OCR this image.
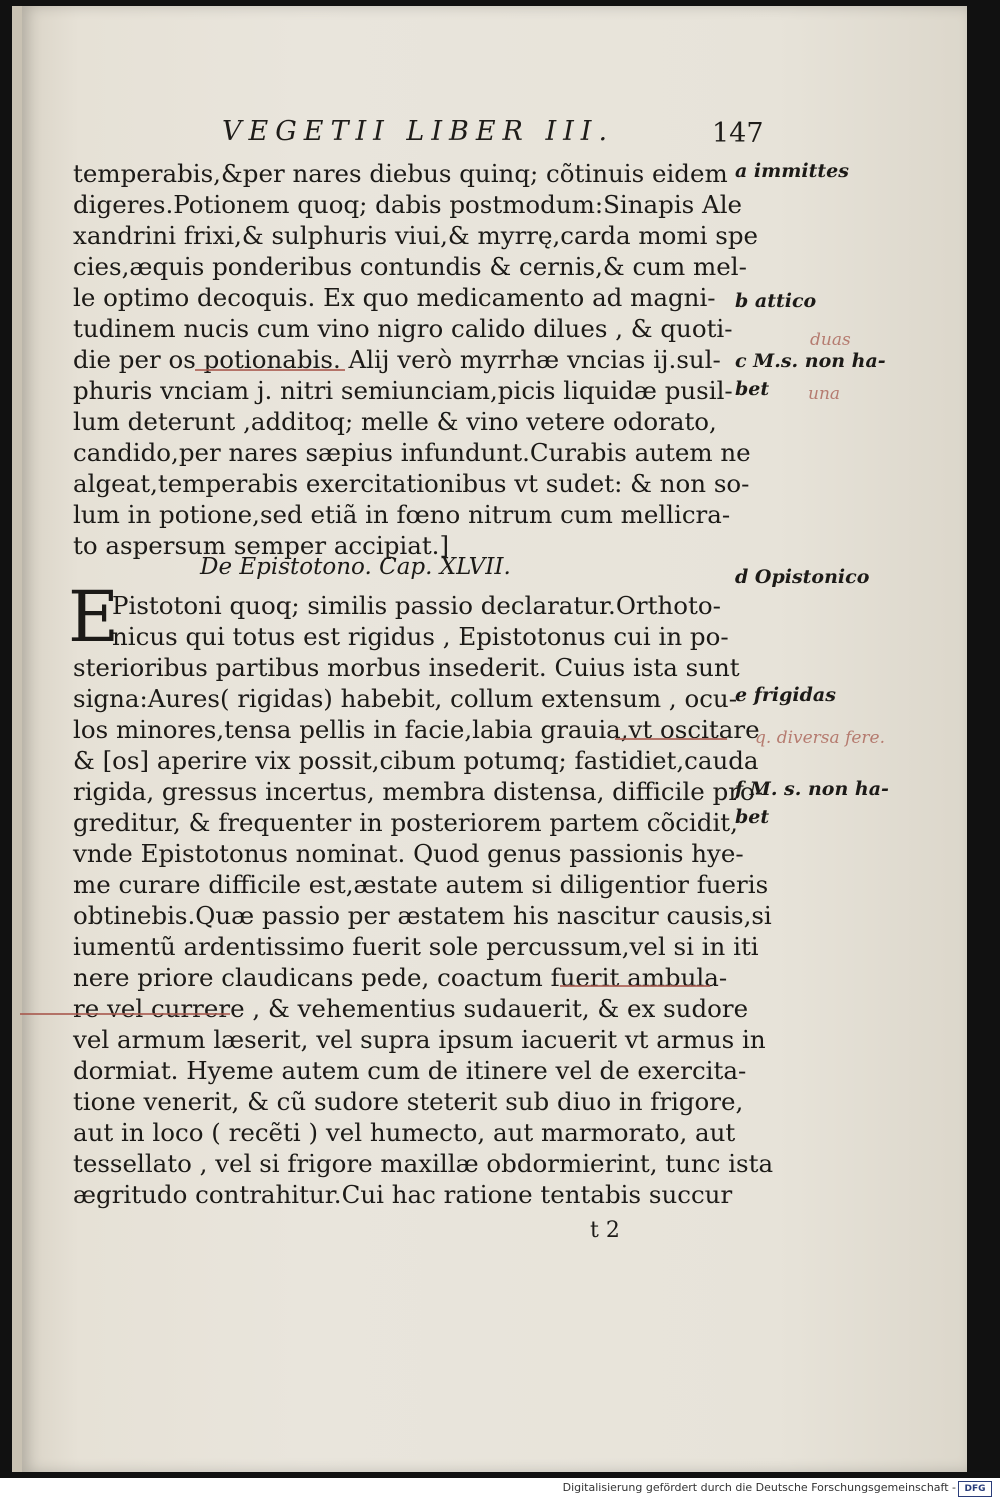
VEGETII LIBER III.	147
temperabis,&per nares diebus quinq; cõtinuis eidem
digeres.Potionem quoq; dabis postmodum:Sinapis Ale
xandrini frixi,& sulphuris viui,& myrrę,carda momi spe
cies,æquis ponderibus contundis & cernis,& cum mel-
le optimo decoquis. Ex quo medicamento ad magni-
tudinem nucis cum vino nigro calido dilues , & quoti-
die per os potionabis. Alij verò myrrhæ vncias ij.sul-
phuris vnciam j. nitri semiunciam,picis liquidæ pusil-
lum deterunt ,additoq; melle & vino vetere odorato,
candido,per nares sæpius infundunt.Curabis autem ne
algeat,temperabis exercitationibus vt sudet: & non so-
lum in potione,sed etiã in fœno nitrum cum mellicra-
to aspersum semper accipiat.]
De Epistotono. Cap. XLVII.
E
Pistotoni quoq; similis passio declaratur.Orthoto-
nicus qui totus est rigidus , Epistotonus cui in po-
sterioribus partibus morbus insederit. Cuius ista sunt
signa:Aures( rigidas) habebit, collum extensum , ocu-
los minores,tensa pellis in facie,labia grauia,vt oscitare
& [os] aperire vix possit,cibum potumq; fastidiet,cauda
rigida, gressus incertus, membra distensa, difficile pro-
greditur, & frequenter in posteriorem partem cõcidit,
vnde Epistotonus nominat. Quod genus passionis hye-
me curare difficile est,æstate autem si diligentior fueris
obtinebis.Quæ passio per æstatem his nascitur causis,si
iumentũ ardentissimo fuerit sole percussum,vel si in iti
nere priore claudicans pede, coactum fuerit ambula-
re vel currere , & vehementius sudauerit, & ex sudore
vel armum læserit, vel supra ipsum iacuerit vt armus in
dormiat. Hyeme autem cum de itinere vel de exercita-
tione venerit, & cũ sudore steterit sub diuo in frigore,
aut in loco ( recẽti ) vel humecto, aut marmorato, aut
tessellato , vel si frigore maxillæ obdormierint, tunc ista
ægritudo contrahitur.Cui hac ratione tentabis succur
a immittes
b attico
c M.s. non ha-
bet
d Opistonico
e frigidas
f M. s. non ha-
bet
duas
una
q. diversa fere.
t 2
Digitalisierung gefördert durch die Deutsche Forschungsgemeinschaft - DFG
